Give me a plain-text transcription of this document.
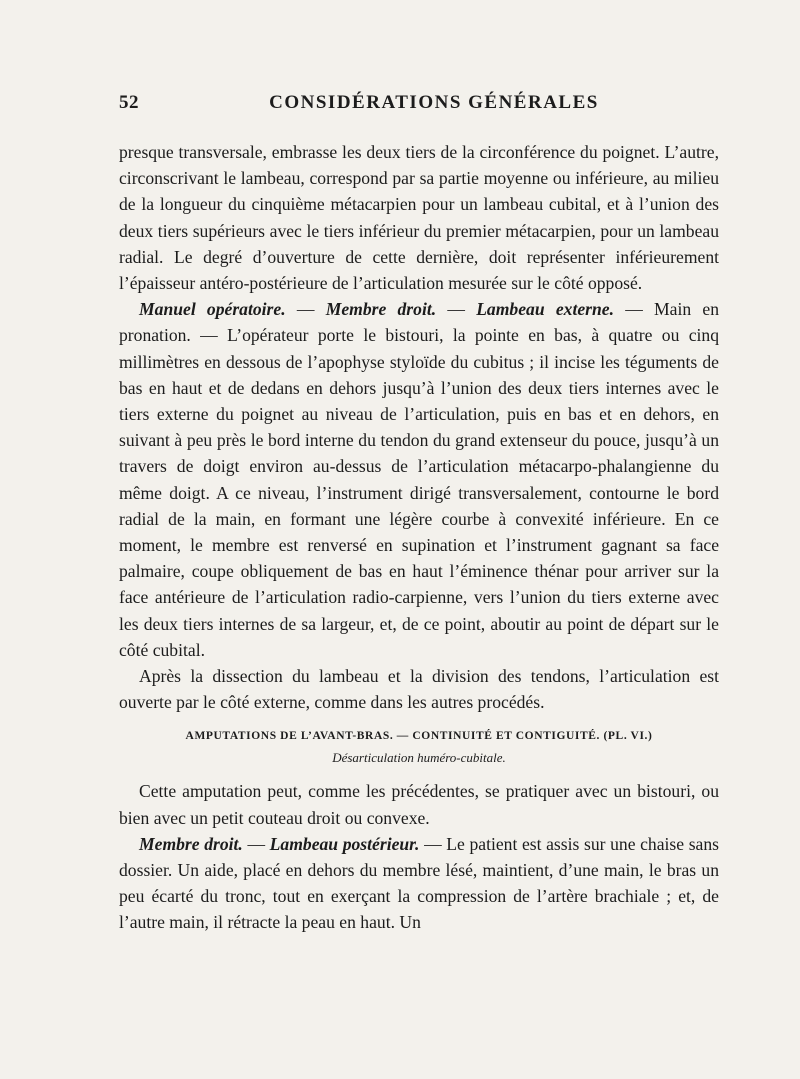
52	CONSIDÉRATIONS GÉNÉRALES

presque transversale, embrasse les deux tiers de la circonférence du poignet. L’autre, circonscrivant le lambeau, correspond par sa partie moyenne ou inférieure, au milieu de la longueur du cinquième métacarpien pour un lambeau cubital, et à l’union des deux tiers supérieurs avec le tiers inférieur du premier métacarpien, pour un lambeau radial. Le degré d’ouverture de cette dernière, doit représenter inférieurement l’épaisseur antéro-postérieure de l’articulation mesurée sur le côté opposé.

Manuel opératoire. — Membre droit. — Lambeau externe. — Main en pronation. — L’opérateur porte le bistouri, la pointe en bas, à quatre ou cinq millimètres en dessous de l’apophyse styloïde du cubitus ; il incise les téguments de bas en haut et de dedans en dehors jusqu’à l’union des deux tiers internes avec le tiers externe du poignet au niveau de l’articulation, puis en bas et en dehors, en suivant à peu près le bord interne du tendon du grand extenseur du pouce, jusqu’à un travers de doigt environ au-dessus de l’articulation métacarpo-phalangienne du même doigt. A ce niveau, l’instrument dirigé transversalement, contourne le bord radial de la main, en formant une légère courbe à convexité inférieure. En ce moment, le membre est renversé en supination et l’instrument gagnant sa face palmaire, coupe obliquement de bas en haut l’éminence thénar pour arriver sur la face antérieure de l’articulation radio-carpienne, vers l’union du tiers externe avec les deux tiers internes de sa largeur, et, de ce point, aboutir au point de départ sur le côté cubital.

Après la dissection du lambeau et la division des tendons, l’articulation est ouverte par le côté externe, comme dans les autres procédés.

AMPUTATIONS DE L’AVANT-BRAS. — CONTINUITÉ ET CONTIGUITÉ. (PL. VI.)
Désarticulation huméro-cubitale.

Cette amputation peut, comme les précédentes, se pratiquer avec un bistouri, ou bien avec un petit couteau droit ou convexe.

Membre droit. — Lambeau postérieur. — Le patient est assis sur une chaise sans dossier. Un aide, placé en dehors du membre lésé, maintient, d’une main, le bras un peu écarté du tronc, tout en exerçant la compression de l’artère brachiale ; et, de l’autre main, il rétracte la peau en haut. Un
